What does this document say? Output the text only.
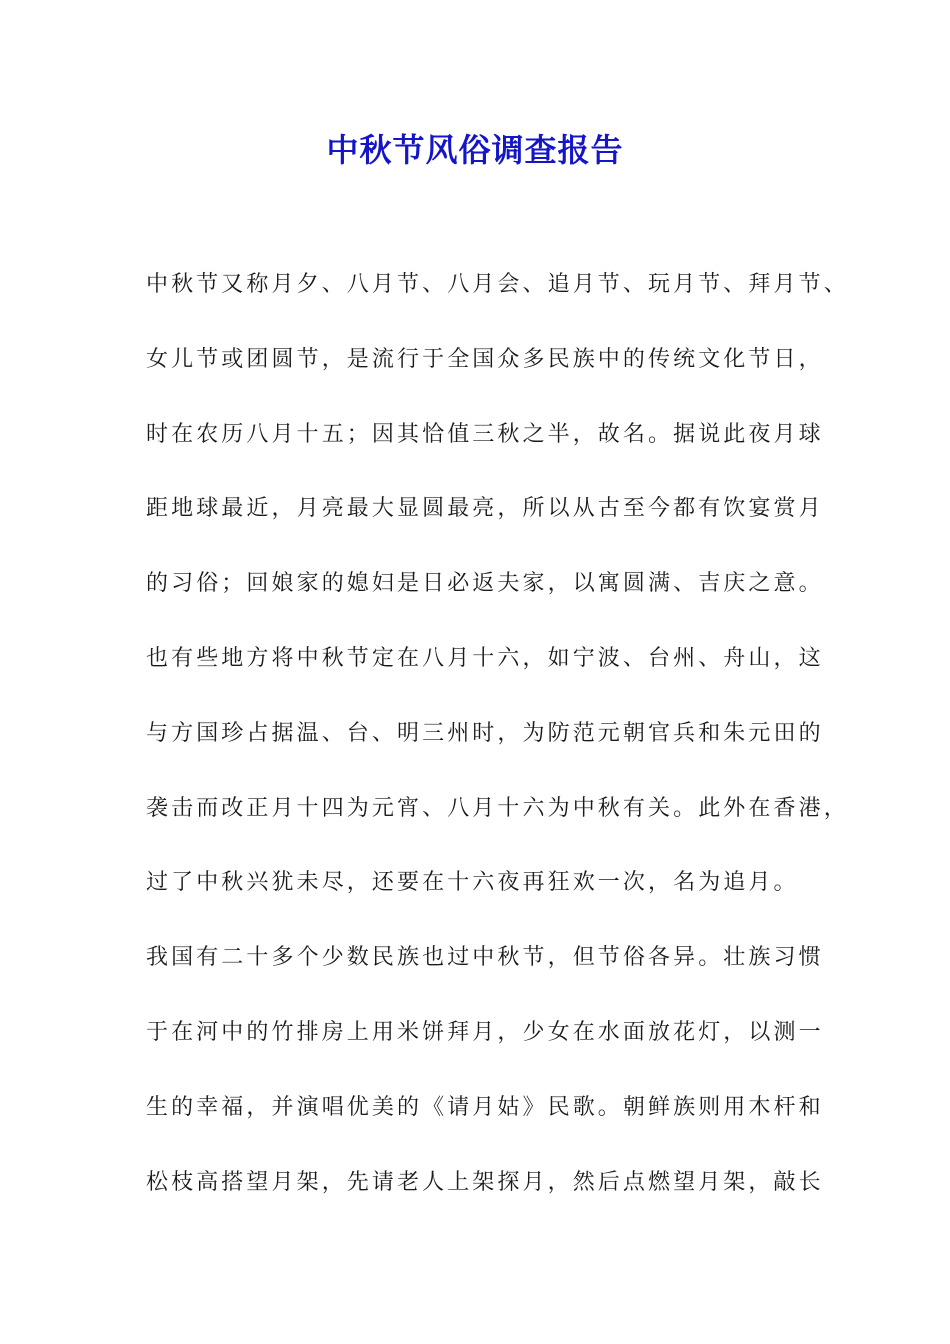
中秋节风俗调查报告
中秋节又称月夕、八月节、八月会、追月节、玩月节、拜月节、
女儿节或团圆节，是流行于全国众多民族中的传统文化节日，
时在农历八月十五；因其恰值三秋之半，故名。据说此夜月球
距地球最近，月亮最大显圆最亮，所以从古至今都有饮宴赏月
的习俗；回娘家的媳妇是日必返夫家，以寓圆满、吉庆之意。
也有些地方将中秋节定在八月十六，如宁波、台州、舟山，这
与方国珍占据温、台、明三州时，为防范元朝官兵和朱元田的
袭击而改正月十四为元宵、八月十六为中秋有关。此外在香港，
过了中秋兴犹未尽，还要在十六夜再狂欢一次，名为追月。
我国有二十多个少数民族也过中秋节，但节俗各异。壮族习惯
于在河中的竹排房上用米饼拜月，少女在水面放花灯，以测一
生的幸福，并演唱优美的《请月姑》民歌。朝鲜族则用木杆和
松枝高搭望月架，先请老人上架探月，然后点燃望月架，敲长
